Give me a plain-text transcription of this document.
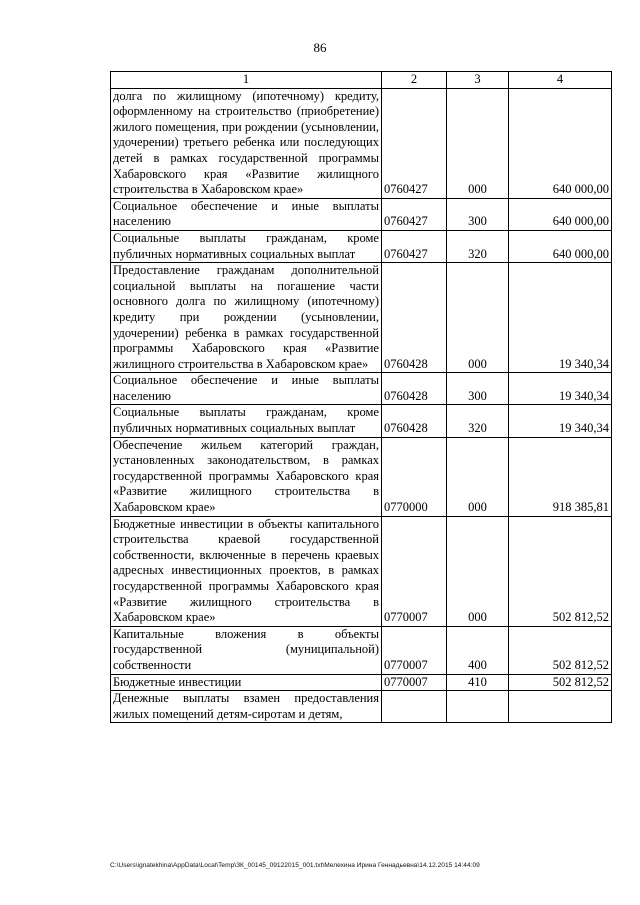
86
1	2	3	4
долга по жилищному (ипотечному) кредиту, оформленному на строительство (приобретение) жилого помещения, при рождении (усыновлении, удочерении) третьего ребенка или последующих детей в рамках государственной программы Хабаровского края «Развитие жилищного строительства в Хабаровском крае»	0760427	000	640 000,00
Социальное обеспечение и иные выплаты населению	0760427	300	640 000,00
Социальные выплаты гражданам, кроме публичных нормативных социальных выплат	0760427	320	640 000,00
Предоставление гражданам дополнительной социальной выплаты на погашение части основного долга по жилищному (ипотечному) кредиту при рождении (усыновлении, удочерении) ребенка в рамках государственной программы Хабаровского края «Развитие жилищного строительства в Хабаровском крае»	0760428	000	19 340,34
Социальное обеспечение и иные выплаты населению	0760428	300	19 340,34
Социальные выплаты гражданам, кроме публичных нормативных социальных выплат	0760428	320	19 340,34
Обеспечение жильем категорий граждан, установленных законодательством, в рамках государственной программы Хабаровского края «Развитие жилищного строительства в Хабаровском крае»	0770000	000	918 385,81
Бюджетные инвестиции в объекты капитального строительства краевой государственной собственности, включенные в перечень краевых адресных инвестиционных проектов, в рамках государственной программы Хабаровского края «Развитие жилищного строительства в Хабаровском крае»	0770007	000	502 812,52
Капитальные вложения в объекты государственной (муниципальной) собственности	0770007	400	502 812,52
Бюджетные инвестиции	0770007	410	502 812,52
Денежные выплаты взамен предоставления жилых помещений детям-сиротам и детям,			
C:\Users\ignatekhina\AppData\Local\Temp\ЗК_00145_09122015_001.txt\Мелехина Ирина Геннадьевна\14.12.2015 14:44:09
